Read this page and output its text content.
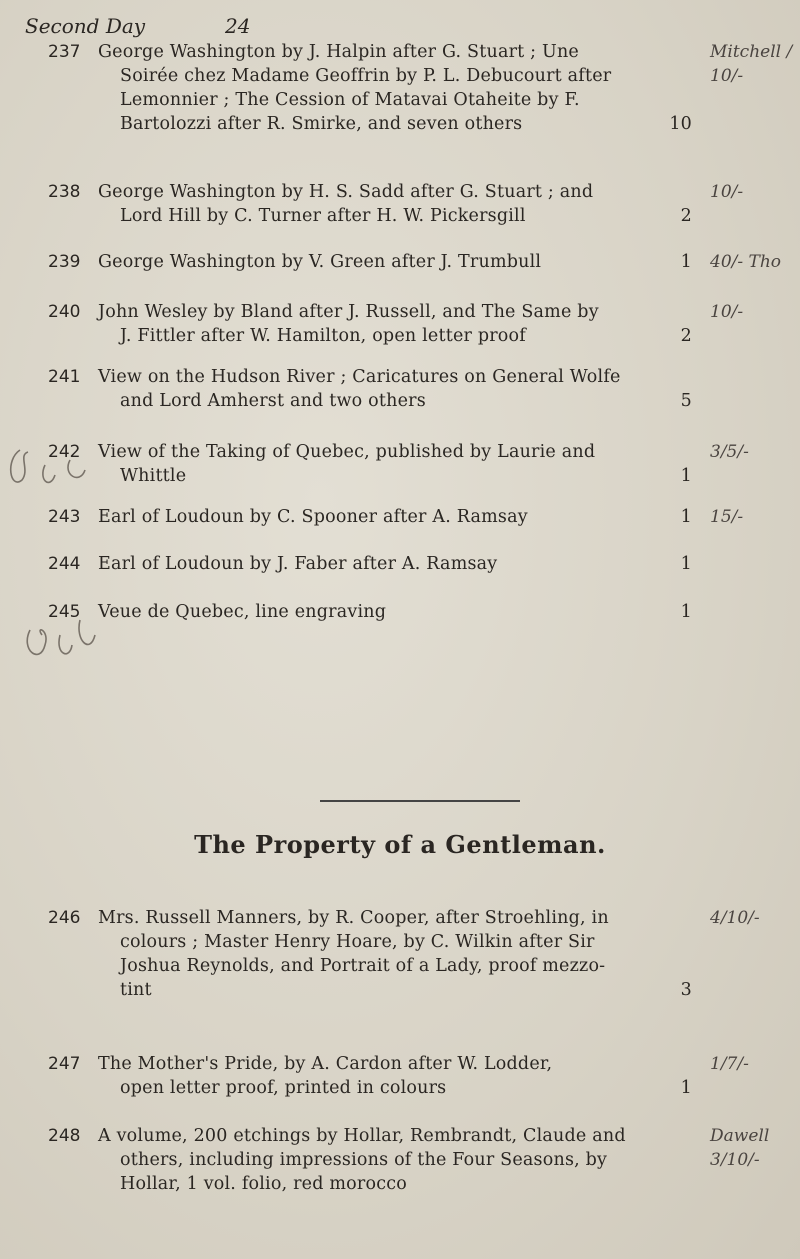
Second Day	24
237	George Washington by J. Halpin after G. Stuart ; Une

Soirée chez Madame Geoffrin by P. L. Debucourt after

Lemonnier ; The Cession of Matavai Otaheite by F.

Bartolozzi after R. Smirke, and seven others	10
Mitchell / 10/-
238	George Washington by H. S. Sadd after G. Stuart ; and

Lord Hill by C. Turner after H. W. Pickersgill	2
10/-
239	George Washington by V. Green after J. Trumbull	1 40/- Tho
240	John Wesley by Bland after J. Russell, and The Same by

J. Fittler after W. Hamilton, open letter proof	2
10/-
241	View on the Hudson River ; Caricatures on General Wolfe

and Lord Amherst and two others	5
242	View of the Taking of Quebec, published by Laurie and

Whittle	1
3/5/-
243	Earl of Loudoun by C. Spooner after A. Ramsay	1 15/-
244	Earl of Loudoun by J. Faber after A. Ramsay	1
245	Veue de Quebec, line engraving	1
The Property of a Gentleman.
246	Mrs. Russell Manners, by R. Cooper, after Stroehling, in

colours ; Master Henry Hoare, by C. Wilkin after Sir

Joshua Reynolds, and Portrait of a Lady, proof mezzo-

tint	3
4/10/-
247	The Mother's Pride, by A. Cardon after W. Lodder,

open letter proof, printed in colours	1
1/7/-
248	A volume, 200 etchings by Hollar, Rembrandt, Claude and

others, including impressions of the Four Seasons, by

Hollar, 1 vol. folio, red morocco

Dawell 3/10/-
